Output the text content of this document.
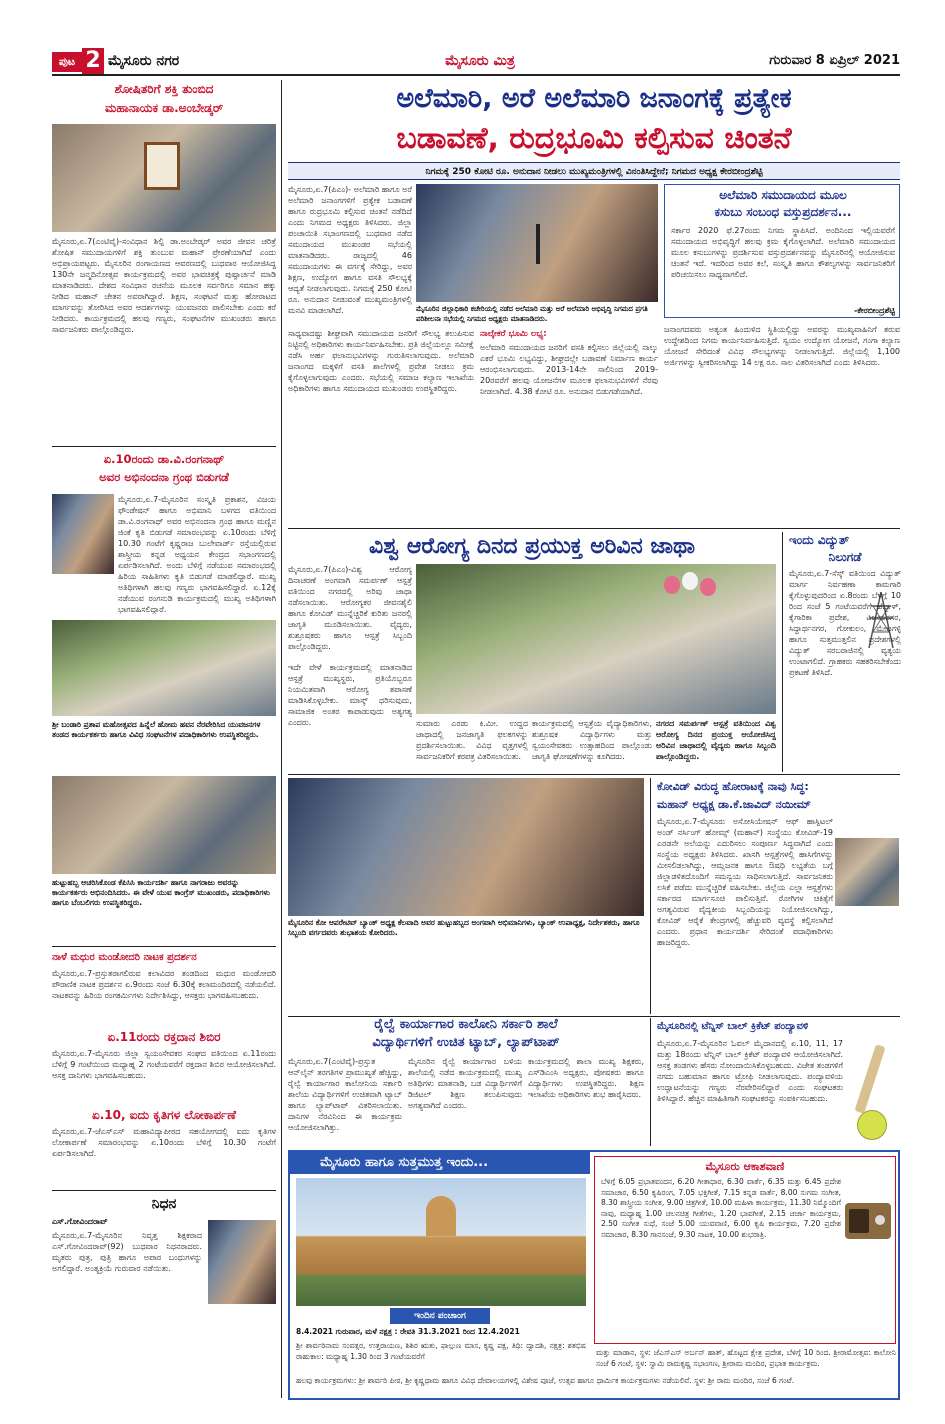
ಪುಟ 2 ಮೈಸೂರು ನಗರ	ಮೈಸೂರು ಮಿತ್ರ	ಗುರುವಾರ 8 ಏಪ್ರಿಲ್ 2021
ಶೋಷಿತರಿಗೆ ಶಕ್ತಿ ತುಂಬಿದ
ಮಹಾನಾಯಕ ಡಾ.ಅಂಬೇಡ್ಕರ್
ಮೈಸೂರು,ಏ.7(ಎಂಟಿವೈ)-ಸಂವಿಧಾನ ಶಿಲ್ಪಿ ಡಾ.ಅಂಬೇಡ್ಕರ್ ಅವರ ಜೀವನ ಚರಿತ್ರೆ ಶೋಷಿತ ಸಮುದಾಯಗಳಿಗೆ ಶಕ್ತಿ ತುಂಬುವ ಮಹಾನ್ ಪ್ರೇರಣೆಯಾಗಿದೆ ಎಂದು ಅಭಿಪ್ರಾಯಪಟ್ಟರು. ಮೈಸೂರಿನ ರಂಗಾಯಣದ ಆವರಣದಲ್ಲಿ ಬುಧವಾರ ಆಯೋಜಿಸಿದ್ದ 130ನೇ ಜನ್ಮದಿನೋತ್ಸವ ಕಾರ್ಯಕ್ರಮದಲ್ಲಿ ಅವರ ಭಾವಚಿತ್ರಕ್ಕೆ ಪುಷ್ಪಾರ್ಚನೆ ಮಾಡಿ ಮಾತನಾಡಿದರು. ದೇಶದ ಸಂವಿಧಾನ ರಚನೆಯ ಮೂಲಕ ಸರ್ವರಿಗೂ ಸಮಾನ ಹಕ್ಕು ನೀಡಿದ ಮಹಾನ್ ಚೇತನ ಅವರಾಗಿದ್ದಾರೆ. ಶಿಕ್ಷಣ, ಸಂಘಟನೆ ಮತ್ತು ಹೋರಾಟದ ಮಾರ್ಗವನ್ನು ತೋರಿಸಿದ ಅವರ ಆದರ್ಶಗಳನ್ನು ಯುವಜನರು ಪಾಲಿಸಬೇಕು ಎಂದು ಕರೆ ನೀಡಿದರು. ಕಾರ್ಯಕ್ರಮದಲ್ಲಿ ಹಲವು ಗಣ್ಯರು, ಸಂಘಟನೆಗಳ ಮುಖಂಡರು ಹಾಗೂ ಸಾರ್ವಜನಿಕರು ಪಾಲ್ಗೊಂಡಿದ್ದರು.
ಏ.10ರಂದು ಡಾ.ವಿ.ರಂಗನಾಥ್
ಅವರ ಅಭಿನಂದನಾ ಗ್ರಂಥ ಬಿಡುಗಡೆ
ಮೈಸೂರು,ಏ.7-ಮೈಸೂರಿನ ಸಂಸ್ಕೃತಿ ಪ್ರಕಾಶನ, ವಿಜಯ ಫೌಂಡೇಷನ್ ಹಾಗೂ ಅಭಿಮಾನಿ ಬಳಗದ ವತಿಯಿಂದ ಡಾ.ವಿ.ರಂಗನಾಥ್ ಅವರ ಅಭಿನಂದನಾ ಗ್ರಂಥ ಹಾಗೂ ಮಣ್ಣಿನ ಜಿಂಕೆ ಕೃತಿ ಬಿಡುಗಡೆ ಸಮಾರಂಭವನ್ನು ಏ.10ರಂದು ಬೆಳಿಗ್ಗೆ 10.30 ಗಂಟೆಗೆ ಕೃಷ್ಣರಾಜ ಬುಲೇವಾರ್ಡ್ ರಸ್ತೆಯಲ್ಲಿರುವ ಶಾಸ್ತ್ರೀಯ ಕನ್ನಡ ಅಧ್ಯಯನ ಕೇಂದ್ರದ ಸಭಾಂಗಣದಲ್ಲಿ ಏರ್ಪಡಿಸಲಾಗಿದೆ. ಅಂದು ಬೆಳಿಗ್ಗೆ ನಡೆಯುವ ಸಮಾರಂಭದಲ್ಲಿ ಹಿರಿಯ ಸಾಹಿತಿಗಳು ಕೃತಿ ಬಿಡುಗಡೆ ಮಾಡಲಿದ್ದಾರೆ. ಮುಖ್ಯ ಅತಿಥಿಗಳಾಗಿ ಹಲವು ಗಣ್ಯರು ಭಾಗವಹಿಸಲಿದ್ದಾರೆ. ಏ.12ಕ್ಕೆ ನಡೆಯುವ ರಂಗನುಡಿ ಕಾರ್ಯಕ್ರಮದಲ್ಲಿ ಮುಖ್ಯ ಅತಿಥಿಗಳಾಗಿ ಭಾಗವಹಿಸಲಿದ್ದಾರೆ.
ಶ್ರೀ ಬಂಡಾರಿ ಪ್ರತಾಪ ಮಹೋತ್ಸವದ ಹಿನ್ನೆಲೆ ಹೋಮ ಹವನ ನೆರವೇರಿಸಿದ ಯುವಜನಗಳ ತಂಡದ ಕಾರ್ಯಕರ್ತರು ಹಾಗೂ ವಿವಿಧ ಸಂಘಟನೆಗಳ ಪದಾಧಿಕಾರಿಗಳು ಉಪಸ್ಥಿತರಿದ್ದರು.
ಹುಟ್ಟುಹಬ್ಬ ಆಚರಿಸಿಕೊಂಡ ಕೆಪಿಸಿಸಿ ಕಾರ್ಯದರ್ಶಿ ಹಾಗೂ ನಾಗರಾಜು ಅವರನ್ನು ಕಾರ್ಯಕರ್ತರು ಅಭಿನಂದಿಸಿದರು. ಈ ವೇಳೆ ಯುವ ಕಾಂಗ್ರೆಸ್ ಮುಖಂಡರು, ಪದಾಧಿಕಾರಿಗಳು ಹಾಗೂ ಬೆಂಬಲಿಗರು ಉಪಸ್ಥಿತರಿದ್ದರು.
ನಾಳೆ ಮಧುರ ಮಂಡೋದರಿ ನಾಟಕ ಪ್ರದರ್ಶನ
ಮೈಸೂರು,ಏ.7-ಪ್ರಸ್ತುತರಾಗಲಿರುವ ಕಲಾವಿದರ ತಂಡದಿಂದ ಮಧುರ ಮಂಡೋದರಿ ಪೌರಾಣಿಕ ನಾಟಕ ಪ್ರದರ್ಶನ ಏ.9ರಂದು ಸಂಜೆ 6.30ಕ್ಕೆ ಕಲಾಮಂದಿರದಲ್ಲಿ ನಡೆಯಲಿದೆ. ನಾಟಕವನ್ನು ಹಿರಿಯ ರಂಗಕರ್ಮಿಗಳು ನಿರ್ದೇಶಿಸಿದ್ದು, ಆಸಕ್ತರು ಭಾಗವಹಿಸಬಹುದು.
ಏ.11ರಂದು ರಕ್ತದಾನ ಶಿಬಿರ
ಮೈಸೂರು,ಏ.7-ಮೈಸೂರು ಜಿಲ್ಲಾ ಸ್ವಯಂಸೇವಕರ ಸಂಘದ ವತಿಯಿಂದ ಏ.11ರಂದು ಬೆಳಿಗ್ಗೆ 9 ಗಂಟೆಯಿಂದ ಮಧ್ಯಾಹ್ನ 2 ಗಂಟೆಯವರೆಗೆ ರಕ್ತದಾನ ಶಿಬಿರ ಆಯೋಜಿಸಲಾಗಿದೆ. ಆಸಕ್ತ ದಾನಿಗಳು ಭಾಗವಹಿಸಬಹುದು.
ಏ.10, ಐದು ಕೃತಿಗಳ ಲೋಕಾರ್ಪಣೆ
ಮೈಸೂರು,ಏ.7-ಜೆಎಸ್‌ಎಸ್ ಮಹಾವಿದ್ಯಾಪೀಠದ ಸಹಯೋಗದಲ್ಲಿ ಐದು ಕೃತಿಗಳ ಲೋಕಾರ್ಪಣೆ ಸಮಾರಂಭವನ್ನು ಏ.10ರಂದು ಬೆಳಿಗ್ಗೆ 10.30 ಗಂಟೆಗೆ ಏರ್ಪಡಿಸಲಾಗಿದೆ.
ನಿಧನ
ಎಸ್.ಗೋವಿಂದರಾವ್
ಮೈಸೂರು,ಏ.7-ಮೈಸೂರಿನ ನಿವೃತ್ತ ಶಿಕ್ಷಕರಾದ ಎಸ್.ಗೋವಿಂದರಾವ್(92) ಬುಧವಾರ ನಿಧನರಾದರು. ಮೃತರು ಪುತ್ರ, ಪುತ್ರಿ ಹಾಗೂ ಅಪಾರ ಬಂಧುಗಳನ್ನು ಅಗಲಿದ್ದಾರೆ. ಅಂತ್ಯಕ್ರಿಯೆ ಗುರುವಾರ ನಡೆಯಿತು.
ಅಲೆಮಾರಿ, ಅರೆ ಅಲೆಮಾರಿ ಜನಾಂಗಕ್ಕೆ ಪ್ರತ್ಯೇಕ
ಬಡಾವಣೆ, ರುದ್ರಭೂಮಿ ಕಲ್ಪಿಸುವ ಚಿಂತನೆ
ನಿಗಮಕ್ಕೆ 250 ಕೋಟಿ ರೂ. ಅನುದಾನ ನೀಡಲು ಮುಖ್ಯಮಂತ್ರಿಗಳಲ್ಲಿ ವಿನಂತಿಸಿದ್ದೇನೆ; ನಿಗಮದ ಅಧ್ಯಕ್ಷ ಕೇರಬೀಂದ್ರಶೆಟ್ಟಿ
ಮೈಸೂರು,ಏ.7(ಪಿಎಂ)- ಅಲೆಮಾರಿ ಹಾಗೂ ಅರೆ ಅಲೆಮಾರಿ ಜನಾಂಗಗಳಿಗೆ ಪ್ರತ್ಯೇಕ ಬಡಾವಣೆ ಹಾಗೂ ರುದ್ರಭೂಮಿ ಕಲ್ಪಿಸುವ ಚಿಂತನೆ ನಡೆದಿದೆ ಎಂದು ನಿಗಮದ ಅಧ್ಯಕ್ಷರು ತಿಳಿಸಿದರು. ಜಿಲ್ಲಾ ಪಂಚಾಯಿತಿ ಸಭಾಂಗಣದಲ್ಲಿ ಬುಧವಾರ ನಡೆದ ಸಮುದಾಯದ ಮುಖಂಡರ ಸಭೆಯಲ್ಲಿ ಮಾತನಾಡಿದರು. ರಾಜ್ಯದಲ್ಲಿ 46 ಸಮುದಾಯಗಳು ಈ ವರ್ಗಕ್ಕೆ ಸೇರಿದ್ದು, ಅವರ ಶಿಕ್ಷಣ, ಉದ್ಯೋಗ ಹಾಗೂ ವಸತಿ ಸೌಲಭ್ಯಕ್ಕೆ ಆದ್ಯತೆ ನೀಡಲಾಗುವುದು. ನಿಗಮಕ್ಕೆ 250 ಕೋಟಿ ರೂ. ಅನುದಾನ ನೀಡುವಂತೆ ಮುಖ್ಯಮಂತ್ರಿಗಳಲ್ಲಿ ಮನವಿ ಮಾಡಲಾಗಿದೆ.	ಮೈಸೂರಿನ ಜಿಲ್ಲಾಧಿಕಾರಿ ಕಚೇರಿಯಲ್ಲಿ ನಡೆದ ಅಲೆಮಾರಿ ಮತ್ತು ಅರೆ ಅಲೆಮಾರಿ ಅಭಿವೃದ್ಧಿ ನಿಗಮದ ಪ್ರಗತಿ ಪರಿಶೀಲನಾ ಸಭೆಯಲ್ಲಿ ನಿಗಮದ ಅಧ್ಯಕ್ಷರು ಮಾತನಾಡಿದರು.
ಅಲೆಮಾರಿ ಸಮುದಾಯದ ಮೂಲ
ಕಸುಬು ಸಂಬಂಧ ವಸ್ತುಪ್ರದರ್ಶನ...
ಸರ್ಕಾರ 2020 ಫೆ.27ರಂದು ನಿಗಮ ಸ್ಥಾಪಿಸಿದೆ. ಅಂದಿನಿಂದ ಇಲ್ಲಿಯವರೆಗೆ ಸಮುದಾಯದ ಅಭಿವೃದ್ಧಿಗೆ ಹಲವು ಕ್ರಮ ಕೈಗೊಳ್ಳಲಾಗಿದೆ. ಅಲೆಮಾರಿ ಸಮುದಾಯದ ಮೂಲ ಕಸುಬುಗಳನ್ನು ಪ್ರದರ್ಶಿಸುವ ವಸ್ತುಪ್ರದರ್ಶನವನ್ನು ಮೈಸೂರಿನಲ್ಲಿ ಆಯೋಜಿಸುವ ಚಿಂತನೆ ಇದೆ. ಇದರಿಂದ ಅವರ ಕಲೆ, ಸಂಸ್ಕೃತಿ ಹಾಗೂ ಕೌಶಲ್ಯಗಳನ್ನು ಸಾರ್ವಜನಿಕರಿಗೆ ಪರಿಚಯಿಸಲು ಸಾಧ್ಯವಾಗಲಿದೆ.
-ಕೇರಬೀಂದ್ರಶೆಟ್ಟಿ
ಸಾಧ್ಯವಾದಷ್ಟು ಶೀಘ್ರವಾಗಿ ಸಮುದಾಯದ ಜನರಿಗೆ ಸೌಲಭ್ಯ ತಲುಪಿಸುವ ನಿಟ್ಟಿನಲ್ಲಿ ಅಧಿಕಾರಿಗಳು ಕಾರ್ಯನಿರ್ವಹಿಸಬೇಕು. ಪ್ರತಿ ಜಿಲ್ಲೆಯಲ್ಲೂ ಸಮೀಕ್ಷೆ ನಡೆಸಿ ಅರ್ಹ ಫಲಾನುಭವಿಗಳನ್ನು ಗುರುತಿಸಲಾಗುವುದು. ಅಲೆಮಾರಿ ಜನಾಂಗದ ಮಕ್ಕಳಿಗೆ ವಸತಿ ಶಾಲೆಗಳಲ್ಲಿ ಪ್ರವೇಶ ನೀಡಲು ಕ್ರಮ ಕೈಗೊಳ್ಳಲಾಗುವುದು ಎಂದರು. ಸಭೆಯಲ್ಲಿ ಸಮಾಜ ಕಲ್ಯಾಣ ಇಲಾಖೆಯ ಅಧಿಕಾರಿಗಳು ಹಾಗೂ ಸಮುದಾಯದ ಮುಖಂಡರು ಉಪಸ್ಥಿತರಿದ್ದರು.
ನಾಲ್ಕೇಕರೆ ಭೂಮಿ ಲಭ್ಯ:
ಅಲೆಮಾರಿ ಸಮುದಾಯದ ಜನರಿಗೆ ವಸತಿ ಕಲ್ಪಿಸಲು ಜಿಲ್ಲೆಯಲ್ಲಿ ನಾಲ್ಕು ಎಕರೆ ಭೂಮಿ ಲಭ್ಯವಿದ್ದು, ಶೀಘ್ರದಲ್ಲೇ ಬಡಾವಣೆ ನಿರ್ಮಾಣ ಕಾರ್ಯ ಆರಂಭಿಸಲಾಗುವುದು. 2013-14ನೇ ಸಾಲಿನಿಂದ 2019-20ರವರೆಗೆ ಹಲವು ಯೋಜನೆಗಳ ಮೂಲಕ ಫಲಾನುಭವಿಗಳಿಗೆ ನೆರವು ನೀಡಲಾಗಿದೆ. 4.38 ಕೋಟಿ ರೂ. ಅನುದಾನ ಬಿಡುಗಡೆಯಾಗಿದೆ.
ಜನಾಂಗದವರು ಅತ್ಯಂತ ಹಿಂದುಳಿದ ಸ್ಥಿತಿಯಲ್ಲಿದ್ದು ಅವರನ್ನು ಮುಖ್ಯವಾಹಿನಿಗೆ ತರುವ ಉದ್ದೇಶದಿಂದ ನಿಗಮ ಕಾರ್ಯನಿರ್ವಹಿಸುತ್ತಿದೆ. ಸ್ವಯಂ ಉದ್ಯೋಗ ಯೋಜನೆ, ಗಂಗಾ ಕಲ್ಯಾಣ ಯೋಜನೆ ಸೇರಿದಂತೆ ವಿವಿಧ ಸೌಲಭ್ಯಗಳನ್ನು ನೀಡಲಾಗುತ್ತಿದೆ. ಜಿಲ್ಲೆಯಲ್ಲಿ 1,100 ಅರ್ಜಿಗಳನ್ನು ಸ್ವೀಕರಿಸಲಾಗಿದ್ದು 14 ಲಕ್ಷ ರೂ. ಸಾಲ ವಿತರಿಸಲಾಗಿದೆ ಎಂದು ತಿಳಿಸಿದರು.
ವಿಶ್ವ ಆರೋಗ್ಯ ದಿನದ ಪ್ರಯುಕ್ತ ಅರಿವಿನ ಜಾಥಾ
ಮೈಸೂರು,ಏ.7(ಪಿಎಂ)-ವಿಶ್ವ ಆರೋಗ್ಯ ದಿನಾಚರಣೆ ಅಂಗವಾಗಿ ಸಮರ್ಪಣ್ ಆಸ್ಪತ್ರೆ ವತಿಯಿಂದ ನಗರದಲ್ಲಿ ಅರಿವು ಜಾಥಾ ನಡೆಸಲಾಯಿತು. ಆರೋಗ್ಯಕರ ಜೀವನಶೈಲಿ ಹಾಗೂ ಕೋವಿಡ್ ಮುನ್ನೆಚ್ಚರಿಕೆ ಕುರಿತು ಜನರಲ್ಲಿ ಜಾಗೃತಿ ಮೂಡಿಸಲಾಯಿತು. ವೈದ್ಯರು, ಶುಶ್ರೂಷಕರು ಹಾಗೂ ಆಸ್ಪತ್ರೆ ಸಿಬ್ಬಂದಿ ಪಾಲ್ಗೊಂಡಿದ್ದರು.
ಇದೇ ವೇಳೆ ಕಾರ್ಯಕ್ರಮದಲ್ಲಿ ಮಾತನಾಡಿದ ಆಸ್ಪತ್ರೆ ಮುಖ್ಯಸ್ಥರು, ಪ್ರತಿಯೊಬ್ಬರೂ ನಿಯಮಿತವಾಗಿ ಆರೋಗ್ಯ ತಪಾಸಣೆ ಮಾಡಿಸಿಕೊಳ್ಳಬೇಕು. ಮಾಸ್ಕ್ ಧರಿಸುವುದು, ಸಾಮಾಜಿಕ ಅಂತರ ಕಾಪಾಡುವುದು ಅತ್ಯಗತ್ಯ ಎಂದರು.	ಸುಮಾರು ಎರಡು ಕಿ.ಮೀ. ಉದ್ದದ ಜಾಥಾದಲ್ಲಿ ಜನಜಾಗೃತಿ ಫಲಕಗಳನ್ನು ಪ್ರದರ್ಶಿಸಲಾಯಿತು. ವಿವಿಧ ವೃತ್ತಗಳಲ್ಲಿ ಸಾರ್ವಜನಿಕರಿಗೆ ಕರಪತ್ರ ವಿತರಿಸಲಾಯಿತು.
ಕಾರ್ಯಕ್ರಮದಲ್ಲಿ ಆಸ್ಪತ್ರೆಯ ವೈದ್ಯಾಧಿಕಾರಿಗಳು, ಶುಶ್ರೂಷಕ ವಿದ್ಯಾರ್ಥಿಗಳು ಮತ್ತು ಸ್ವಯಂಸೇವಕರು ಉತ್ಸಾಹದಿಂದ ಪಾಲ್ಗೊಂಡು ಜಾಗೃತಿ ಘೋಷಣೆಗಳನ್ನು ಕೂಗಿದರು.
ನಗರದ ಸಮರ್ಪಣ್ ಆಸ್ಪತ್ರೆ ವತಿಯಿಂದ ವಿಶ್ವ ಆರೋಗ್ಯ ದಿನದ ಪ್ರಯುಕ್ತ ಆಯೋಜಿಸಿದ್ದ ಅರಿವಿನ ಜಾಥಾದಲ್ಲಿ ವೈದ್ಯರು ಹಾಗೂ ಸಿಬ್ಬಂದಿ ಪಾಲ್ಗೊಂಡಿದ್ದರು.
ಇಂದು ವಿದ್ಯುತ್
ನಿಲುಗಡೆ
ಮೈಸೂರು,ಏ.7-ಸೆಸ್ಕ್ ವತಿಯಿಂದ ವಿದ್ಯುತ್ ಮಾರ್ಗ ನಿರ್ವಹಣಾ ಕಾಮಗಾರಿ ಕೈಗೊಳ್ಳುವುದರಿಂದ ಏ.8ರಂದು ಬೆಳಿಗ್ಗೆ 10 ರಿಂದ ಸಂಜೆ 5 ಗಂಟೆಯವರೆಗೆ ಹೆಬ್ಬಾಳ್, ಕೈಗಾರಿಕಾ ಪ್ರದೇಶ, ವಿಜಯನಗರ, ಸಿದ್ಧಾರ್ಥನಗರ, ಗೋಕುಲಂ, ಮೇಟಗಳ್ಳಿ ಹಾಗೂ ಸುತ್ತಮುತ್ತಲಿನ ಪ್ರದೇಶಗಳಲ್ಲಿ ವಿದ್ಯುತ್ ಸರಬರಾಜಿನಲ್ಲಿ ವ್ಯತ್ಯಯ ಉಂಟಾಗಲಿದೆ. ಗ್ರಾಹಕರು ಸಹಕರಿಸಬೇಕೆಂದು ಪ್ರಕಟಣೆ ತಿಳಿಸಿದೆ.
ಮೈಸೂರಿನ ಕೋ ಆಪರೇಟಿವ್ ಬ್ಯಾಂಕ್ ಅಧ್ಯಕ್ಷ ಕೆಲವಾದಿ ಅವರ ಹುಟ್ಟುಹಬ್ಬದ ಅಂಗವಾಗಿ ಅಭಿಮಾನಿಗಳು, ಬ್ಯಾಂಕ್ ಉಪಾಧ್ಯಕ್ಷ, ನಿರ್ದೇಶಕರು, ಹಾಗೂ ಸಿಬ್ಬಂದಿ ವರ್ಗದವರು ಶುಭಾಶಯ ಕೋರಿದರು.
ಕೋವಿಡ್ ವಿರುದ್ಧ ಹೋರಾಟಕ್ಕೆ ನಾವು ಸಿದ್ಧ:
ಮಹಾನ್ ಅಧ್ಯಕ್ಷ ಡಾ.ಕೆ.ಜಾವಿದ್ ನಯೀಮ್
ಮೈಸೂರು,ಏ.7-ಮೈಸೂರು ಅಸೋಸಿಯೇಷನ್ ಆಫ್ ಹಾಸ್ಪಿಟಲ್ ಅಂಡ್ ನರ್ಸಿಂಗ್ ಹೋಮ್ಸ್ (ಮಹಾನ್) ಸಂಸ್ಥೆಯು ಕೋವಿಡ್-19 ಎರಡನೇ ಅಲೆಯನ್ನು ಎದುರಿಸಲು ಸಂಪೂರ್ಣ ಸಿದ್ಧವಾಗಿದೆ ಎಂದು ಸಂಸ್ಥೆಯ ಅಧ್ಯಕ್ಷರು ತಿಳಿಸಿದರು. ಖಾಸಗಿ ಆಸ್ಪತ್ರೆಗಳಲ್ಲಿ ಹಾಸಿಗೆಗಳನ್ನು ಮೀಸಲಿಡಲಾಗಿದ್ದು, ಆಮ್ಲಜನಕ ಹಾಗೂ ಔಷಧಿ ಲಭ್ಯತೆಯ ಬಗ್ಗೆ ಜಿಲ್ಲಾಡಳಿತದೊಂದಿಗೆ ಸಮನ್ವಯ ಸಾಧಿಸಲಾಗುತ್ತಿದೆ. ಸಾರ್ವಜನಿಕರು ಲಸಿಕೆ ಪಡೆದು ಮುನ್ನೆಚ್ಚರಿಕೆ ವಹಿಸಬೇಕು. ಜಿಲ್ಲೆಯ ಎಲ್ಲಾ ಆಸ್ಪತ್ರೆಗಳು ಸರ್ಕಾರದ ಮಾರ್ಗಸೂಚಿ ಪಾಲಿಸುತ್ತಿವೆ. ರೋಗಿಗಳ ಚಿಕಿತ್ಸೆಗೆ ಅಗತ್ಯವಿರುವ ವೈದ್ಯಕೀಯ ಸಿಬ್ಬಂದಿಯನ್ನು ನಿಯೋಜಿಸಲಾಗಿದ್ದು, ಕೋವಿಡ್ ಆರೈಕೆ ಕೇಂದ್ರಗಳಲ್ಲಿ ಹೆಚ್ಚುವರಿ ವ್ಯವಸ್ಥೆ ಕಲ್ಪಿಸಲಾಗಿದೆ ಎಂದರು. ಪ್ರಧಾನ ಕಾರ್ಯದರ್ಶಿ ಸೇರಿದಂತೆ ಪದಾಧಿಕಾರಿಗಳು ಹಾಜರಿದ್ದರು.
ರೈಲ್ವೆ ಕಾರ್ಯಾಗಾರ ಕಾಲೋನಿ ಸರ್ಕಾರಿ ಶಾಲೆ
ವಿದ್ಯಾರ್ಥಿಗಳಿಗೆ ಉಚಿತ ಟ್ಯಾಬ್, ಲ್ಯಾಪ್‌ಟಾಪ್
ಮೈಸೂರು,ಏ.7(ಎಂಟಿವೈ)-ಪ್ರಸ್ತುತ ಆನ್‌ಲೈನ್ ತರಗತಿಗಳ ಪ್ರಾಮುಖ್ಯತೆ ಹೆಚ್ಚಿದ್ದು, ರೈಲ್ವೆ ಕಾರ್ಯಾಗಾರ ಕಾಲೋನಿಯ ಸರ್ಕಾರಿ ಶಾಲೆಯ ವಿದ್ಯಾರ್ಥಿಗಳಿಗೆ ಉಚಿತವಾಗಿ ಟ್ಯಾಬ್ ಹಾಗೂ ಲ್ಯಾಪ್‌ಟಾಪ್ ವಿತರಿಸಲಾಯಿತು. ದಾನಿಗಳ ನೆರವಿನಿಂದ ಈ ಕಾರ್ಯಕ್ರಮ ಆಯೋಜಿಸಲಾಗಿತ್ತು.
ಮೈಸೂರಿನ ರೈಲ್ವೆ ಕಾರ್ಯಾಗಾರ ಬಳಿಯ ಶಾಲೆಯಲ್ಲಿ ನಡೆದ ಕಾರ್ಯಕ್ರಮದಲ್ಲಿ ಮುಖ್ಯ ಅತಿಥಿಗಳು ಮಾತನಾಡಿ, ಬಡ ವಿದ್ಯಾರ್ಥಿಗಳಿಗೆ ಡಿಜಿಟಲ್ ಶಿಕ್ಷಣ ತಲುಪಿಸುವುದು ಅಗತ್ಯವಾಗಿದೆ ಎಂದರು.
ಕಾರ್ಯಕ್ರಮದಲ್ಲಿ ಶಾಲಾ ಮುಖ್ಯ ಶಿಕ್ಷಕರು, ಎಸ್‌ಡಿಎಂಸಿ ಅಧ್ಯಕ್ಷರು, ಪೋಷಕರು ಹಾಗೂ ವಿದ್ಯಾರ್ಥಿಗಳು ಉಪಸ್ಥಿತರಿದ್ದರು. ಶಿಕ್ಷಣ ಇಲಾಖೆಯ ಅಧಿಕಾರಿಗಳು ಶುಭ ಹಾರೈಸಿದರು.
ಮೈಸೂರಿನಲ್ಲಿ ಟೆನ್ನಿಸ್ ಬಾಲ್ ಕ್ರಿಕೆಟ್ ಪಂದ್ಯಾವಳಿ
ಮೈಸೂರು,ಏ.7-ಮೈಸೂರಿನ ಓವಲ್ ಮೈದಾನದಲ್ಲಿ ಏ.10, 11, 17 ಮತ್ತು 18ರಂದು ಟೆನ್ನಿಸ್ ಬಾಲ್ ಕ್ರಿಕೆಟ್ ಪಂದ್ಯಾವಳಿ ಆಯೋಜಿಸಲಾಗಿದೆ. ಆಸಕ್ತ ತಂಡಗಳು ಹೆಸರು ನೋಂದಾಯಿಸಿಕೊಳ್ಳಬಹುದು. ವಿಜೇತ ತಂಡಗಳಿಗೆ ನಗದು ಬಹುಮಾನ ಹಾಗೂ ಟ್ರೋಫಿ ನೀಡಲಾಗುವುದು. ಪಂದ್ಯಾವಳಿಯ ಉದ್ಘಾಟನೆಯನ್ನು ಗಣ್ಯರು ನೆರವೇರಿಸಲಿದ್ದಾರೆ ಎಂದು ಸಂಘಟಕರು ತಿಳಿಸಿದ್ದಾರೆ. ಹೆಚ್ಚಿನ ಮಾಹಿತಿಗಾಗಿ ಸಂಘಟಕರನ್ನು ಸಂಪರ್ಕಿಸಬಹುದು.
ಮೈಸೂರು ಹಾಗೂ ಸುತ್ತಮುತ್ತ ಇಂದು...
ಇಂದಿನ ಪಂಚಾಂಗ
8.4.2021 ಗುರುವಾರ, ಮಳೆ ನಕ್ಷತ್ರ : ರೇವತಿ 31.3.2021 ರಿಂದ 12.4.2021
ಶ್ರೀ ಶಾರ್ವರಿನಾಮ ಸಂವತ್ಸರ, ಉತ್ತರಾಯಣ, ಶಿಶಿರ ಋತು, ಫಾಲ್ಗುಣ ಮಾಸ, ಕೃಷ್ಣ ಪಕ್ಷ, ತಿಥಿ: ದ್ವಾದಶಿ, ನಕ್ಷತ್ರ: ಶತಭಿಷ ರಾಹುಕಾಲ: ಮಧ್ಯಾಹ್ನ 1.30 ರಿಂದ 3 ಗಂಟೆಯವರೆಗೆ
ಮೈಸೂರು ಆಕಾಶವಾಣಿ
ಬೆಳಿಗ್ಗೆ 6.05 ಪ್ರಭಾತವಂದನ, 6.20 ಗೀತಾಧಾರ, 6.30 ವಾರ್ತೆ, 6.35 ಮತ್ತು 6.45 ಪ್ರದೇಶ ಸಮಾಚಾರ, 6.50 ಕೃಷಿರಂಗ, 7.05 ಭಕ್ತಿಗೀತೆ, 7.15 ಕನ್ನಡ ವಾರ್ತೆ, 8.00 ಸುಗಮ ಸಂಗೀತ, 8.30 ಶಾಸ್ತ್ರೀಯ ಸಂಗೀತ, 9.00 ಚಿತ್ರಗೀತೆ, 10.00 ಮಹಿಳಾ ಕಾರ್ಯಕ್ರಮ, 11.30 ನಿಮ್ಮೊಂದಿಗೆ ನಾವು, ಮಧ್ಯಾಹ್ನ 1.00 ಚಲನಚಿತ್ರ ಗೀತೆಗಳು, 1.20 ಭಾವಗೀತೆ, 2.15 ಚರ್ಚಾ ಕಾರ್ಯಕ್ರಮ, 2.50 ಸಂಗೀತ ಸುಧೆ, ಸಂಜೆ 5.00 ಯುವವಾಣಿ, 6.00 ಕೃಷಿ ಕಾರ್ಯಕ್ರಮ, 7.20 ಪ್ರದೇಶ ಸಮಾಚಾರ, 8.30 ಗಾನಸಂಜೆ, 9.30 ನಾಟಕ, 10.00 ಶುಭರಾತ್ರಿ.
ಮತ್ತು ಮಾಡಾನ, ಸ್ಥಳ: ಜೆಎಸ್‌ಎಸ್ ಅರ್ಬನ್ ಹಾತ್, ಹೊಟ್ಟದ ಕ್ಷೇತ್ರ ಪ್ರದೇಶ, ಬೆಳಿಗ್ಗೆ 10 ರಿಂದ. ಶ್ರೀರಾಮೋತ್ಸವ: ಕಾಲೋನಿ ಸಂಜೆ 6 ಗಂಟೆ, ಸ್ಥಳ: ಸ್ವಾಮಿ ರಾಮಕೃಷ್ಣ ಸಭಾಂಗಣ, ಶ್ರೀರಾಮ ಮಂದಿರ, ಪ್ರಭಾತ ಕಾರ್ಯಕ್ರಮ.
ಹಲವು ಕಾರ್ಯಕ್ರಮಗಳು: ಶ್ರೀ ಶಾರ್ವರಿ ಪೀಠ, ಶ್ರೀ ಕೃಷ್ಣಧಾಮ ಹಾಗೂ ವಿವಿಧ ದೇವಾಲಯಗಳಲ್ಲಿ ವಿಶೇಷ ಪೂಜೆ, ಉತ್ಸವ ಹಾಗೂ ಧಾರ್ಮಿಕ ಕಾರ್ಯಕ್ರಮಗಳು ನಡೆಯಲಿವೆ. ಸ್ಥಳ: ಶ್ರೀ ರಾಮ ಮಂದಿರ, ಸಂಜೆ 6 ಗಂಟೆ.
